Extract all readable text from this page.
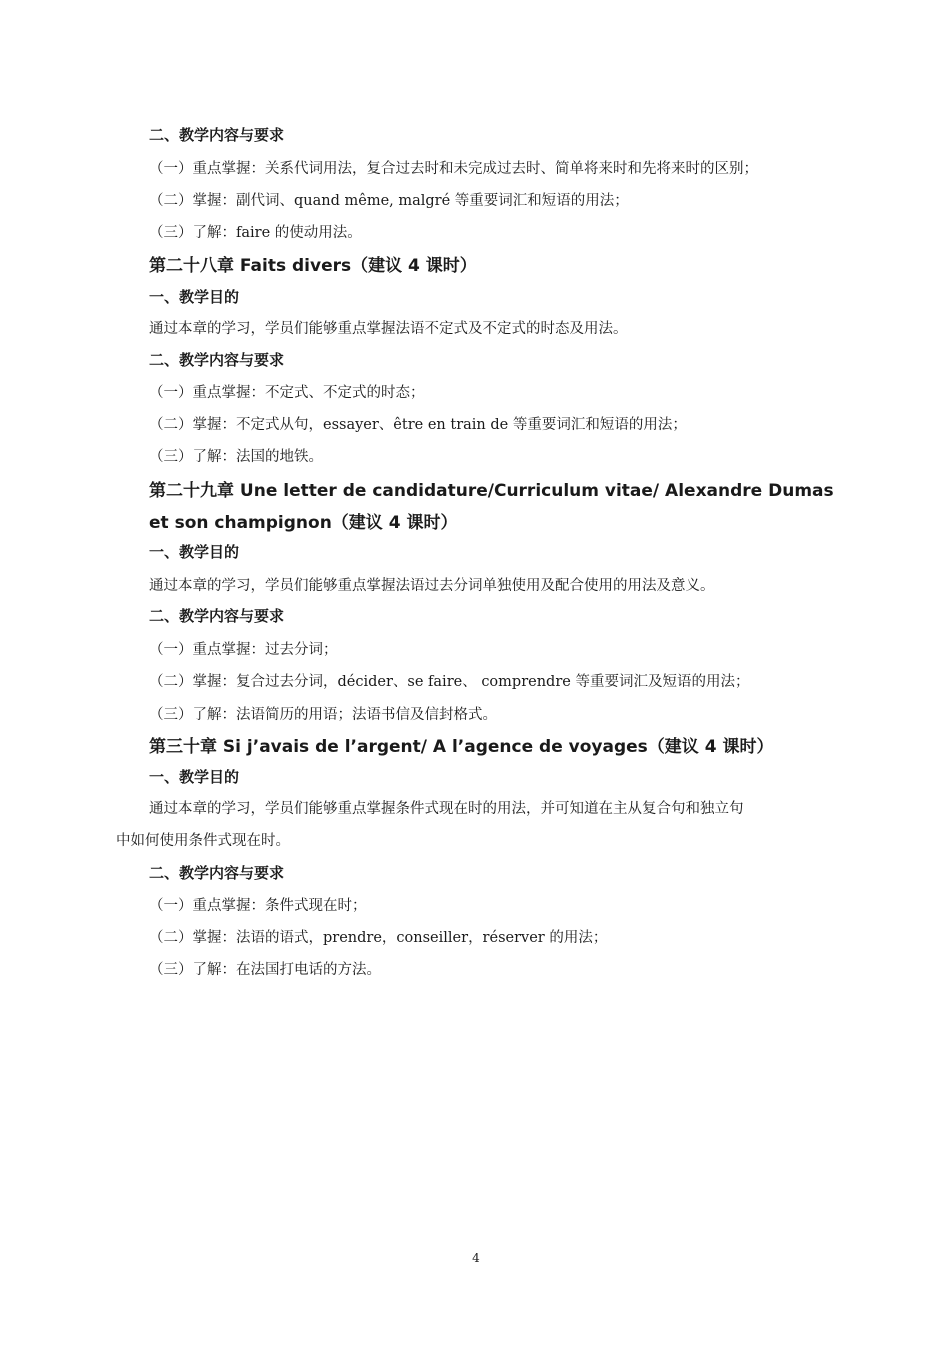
二、教学内容与要求
（一）重点掌握：关系代词用法，复合过去时和未完成过去时、简单将来时和先将来时的区别；
（二）掌握：副代词、quand même, malgré 等重要词汇和短语的用法；
（三）了解：faire 的使动用法。
第二十八章 Faits divers（建议 4 课时）
一、教学目的
通过本章的学习，学员们能够重点掌握法语不定式及不定式的时态及用法。
二、教学内容与要求
（一）重点掌握：不定式、不定式的时态；
（二）掌握：不定式从句，essayer、être en train de 等重要词汇和短语的用法；
（三）了解：法国的地铁。
第二十九章 Une letter de candidature/Curriculum vitae/ Alexandre Dumas
et son champignon（建议 4 课时）
一、教学目的
通过本章的学习，学员们能够重点掌握法语过去分词单独使用及配合使用的用法及意义。
二、教学内容与要求
（一）重点掌握：过去分词；
（二）掌握：复合过去分词，décider、se faire、 comprendre 等重要词汇及短语的用法；
（三）了解：法语简历的用语；法语书信及信封格式。
第三十章 Si j’avais de l’argent/ A l’agence de voyages（建议 4 课时）
一、教学目的
通过本章的学习，学员们能够重点掌握条件式现在时的用法，并可知道在主从复合句和独立句
中如何使用条件式现在时。
二、教学内容与要求
（一）重点掌握：条件式现在时；
（二）掌握：法语的语式，prendre，conseiller，réserver 的用法；
（三）了解：在法国打电话的方法。
4
